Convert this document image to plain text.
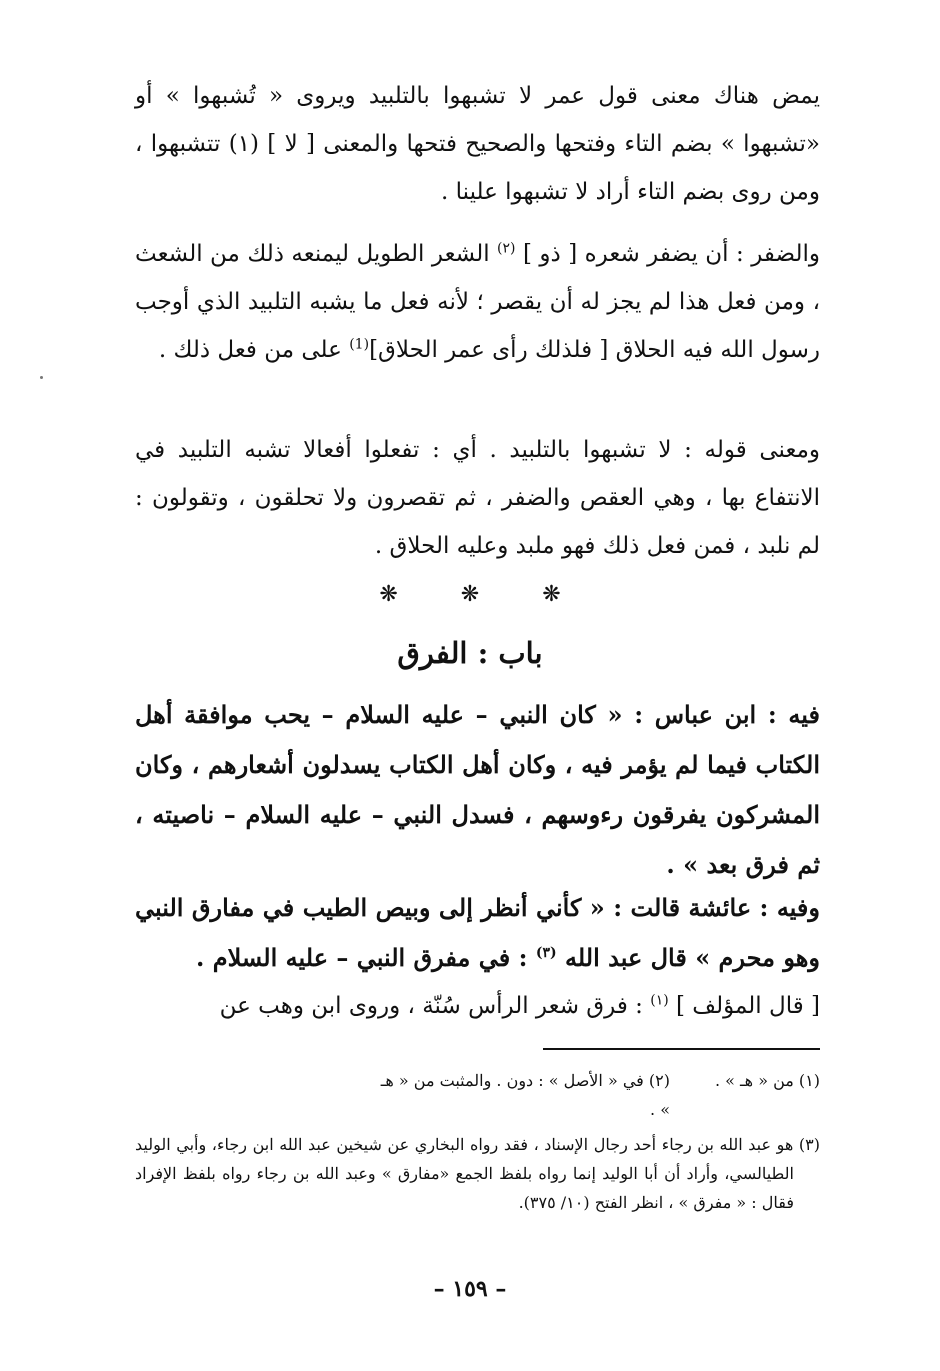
يمض هناك معنى قول عمر لا تشبهوا بالتلبيد ويروى « تُشبهوا » أو «تشبهوا » بضم التاء وفتحها والصحيح فتحها والمعنى [ لا ] (١) تتشبهوا ، ومن روى بضم التاء أراد لا تشبهوا علينا .

والضفر : أن يضفر شعره [ ذو ] $^{(٢)}$ الشعر الطويل ليمنعه ذلك من الشعث ، ومن فعل هذا لم يجز له أن يقصر ؛ لأنه فعل ما يشبه التلبيد الذي أوجب رسول الله فيه الحلاق [ فلذلك رأى عمر الحلاق]$^{(1)}$ على من فعل ذلك .

ومعنى قوله : لا تشبهوا بالتلبيد . أي : تفعلوا أفعالا تشبه التلبيد في الانتفاع بها ، وهي العقص والضفر ، ثم تقصرون ولا تحلقون ، وتقولون : لم نلبد ، فمن فعل ذلك فهو ملبد وعليه الحلاق .

❋ ❋ ❋
باب : الفرق

فيه : ابن عباس : « كان النبي – عليه السلام – يحب موافقة أهل الكتاب فيما لم يؤمر فيه ، وكان أهل الكتاب يسدلون أشعارهم ، وكان المشركون يفرقون رءوسهم ، فسدل النبي – عليه السلام – ناصيته ، ثم فرق بعد » .

وفيه : عائشة قالت : « كأني أنظر إلى وبيص الطيب في مفارق النبي وهو محرم » قال عبد الله $^{(٣)}$ : في مفرق النبي – عليه السلام .

[ قال المؤلف ] $^{(١)}$ : فرق شعر الرأس سُنّة ، وروى ابن وهب عن

(١) من « هـ » .
(٢) في « الأصل » : دون . والمثبت من « هـ » .
(٣) هو عبد الله بن رجاء أحد رجال الإسناد ، فقد رواه البخاري عن شيخين عبد الله ابن رجاء، وأبي الوليد الطيالسي، وأراد أن أبا الوليد إنما رواه بلفظ الجمع «مفارق » وعبد الله بن رجاء رواه بلفظ الإفراد فقال : « مفرق » ، انظر الفتح (١٠/ ٣٧٥).
– ١٥٩ –
